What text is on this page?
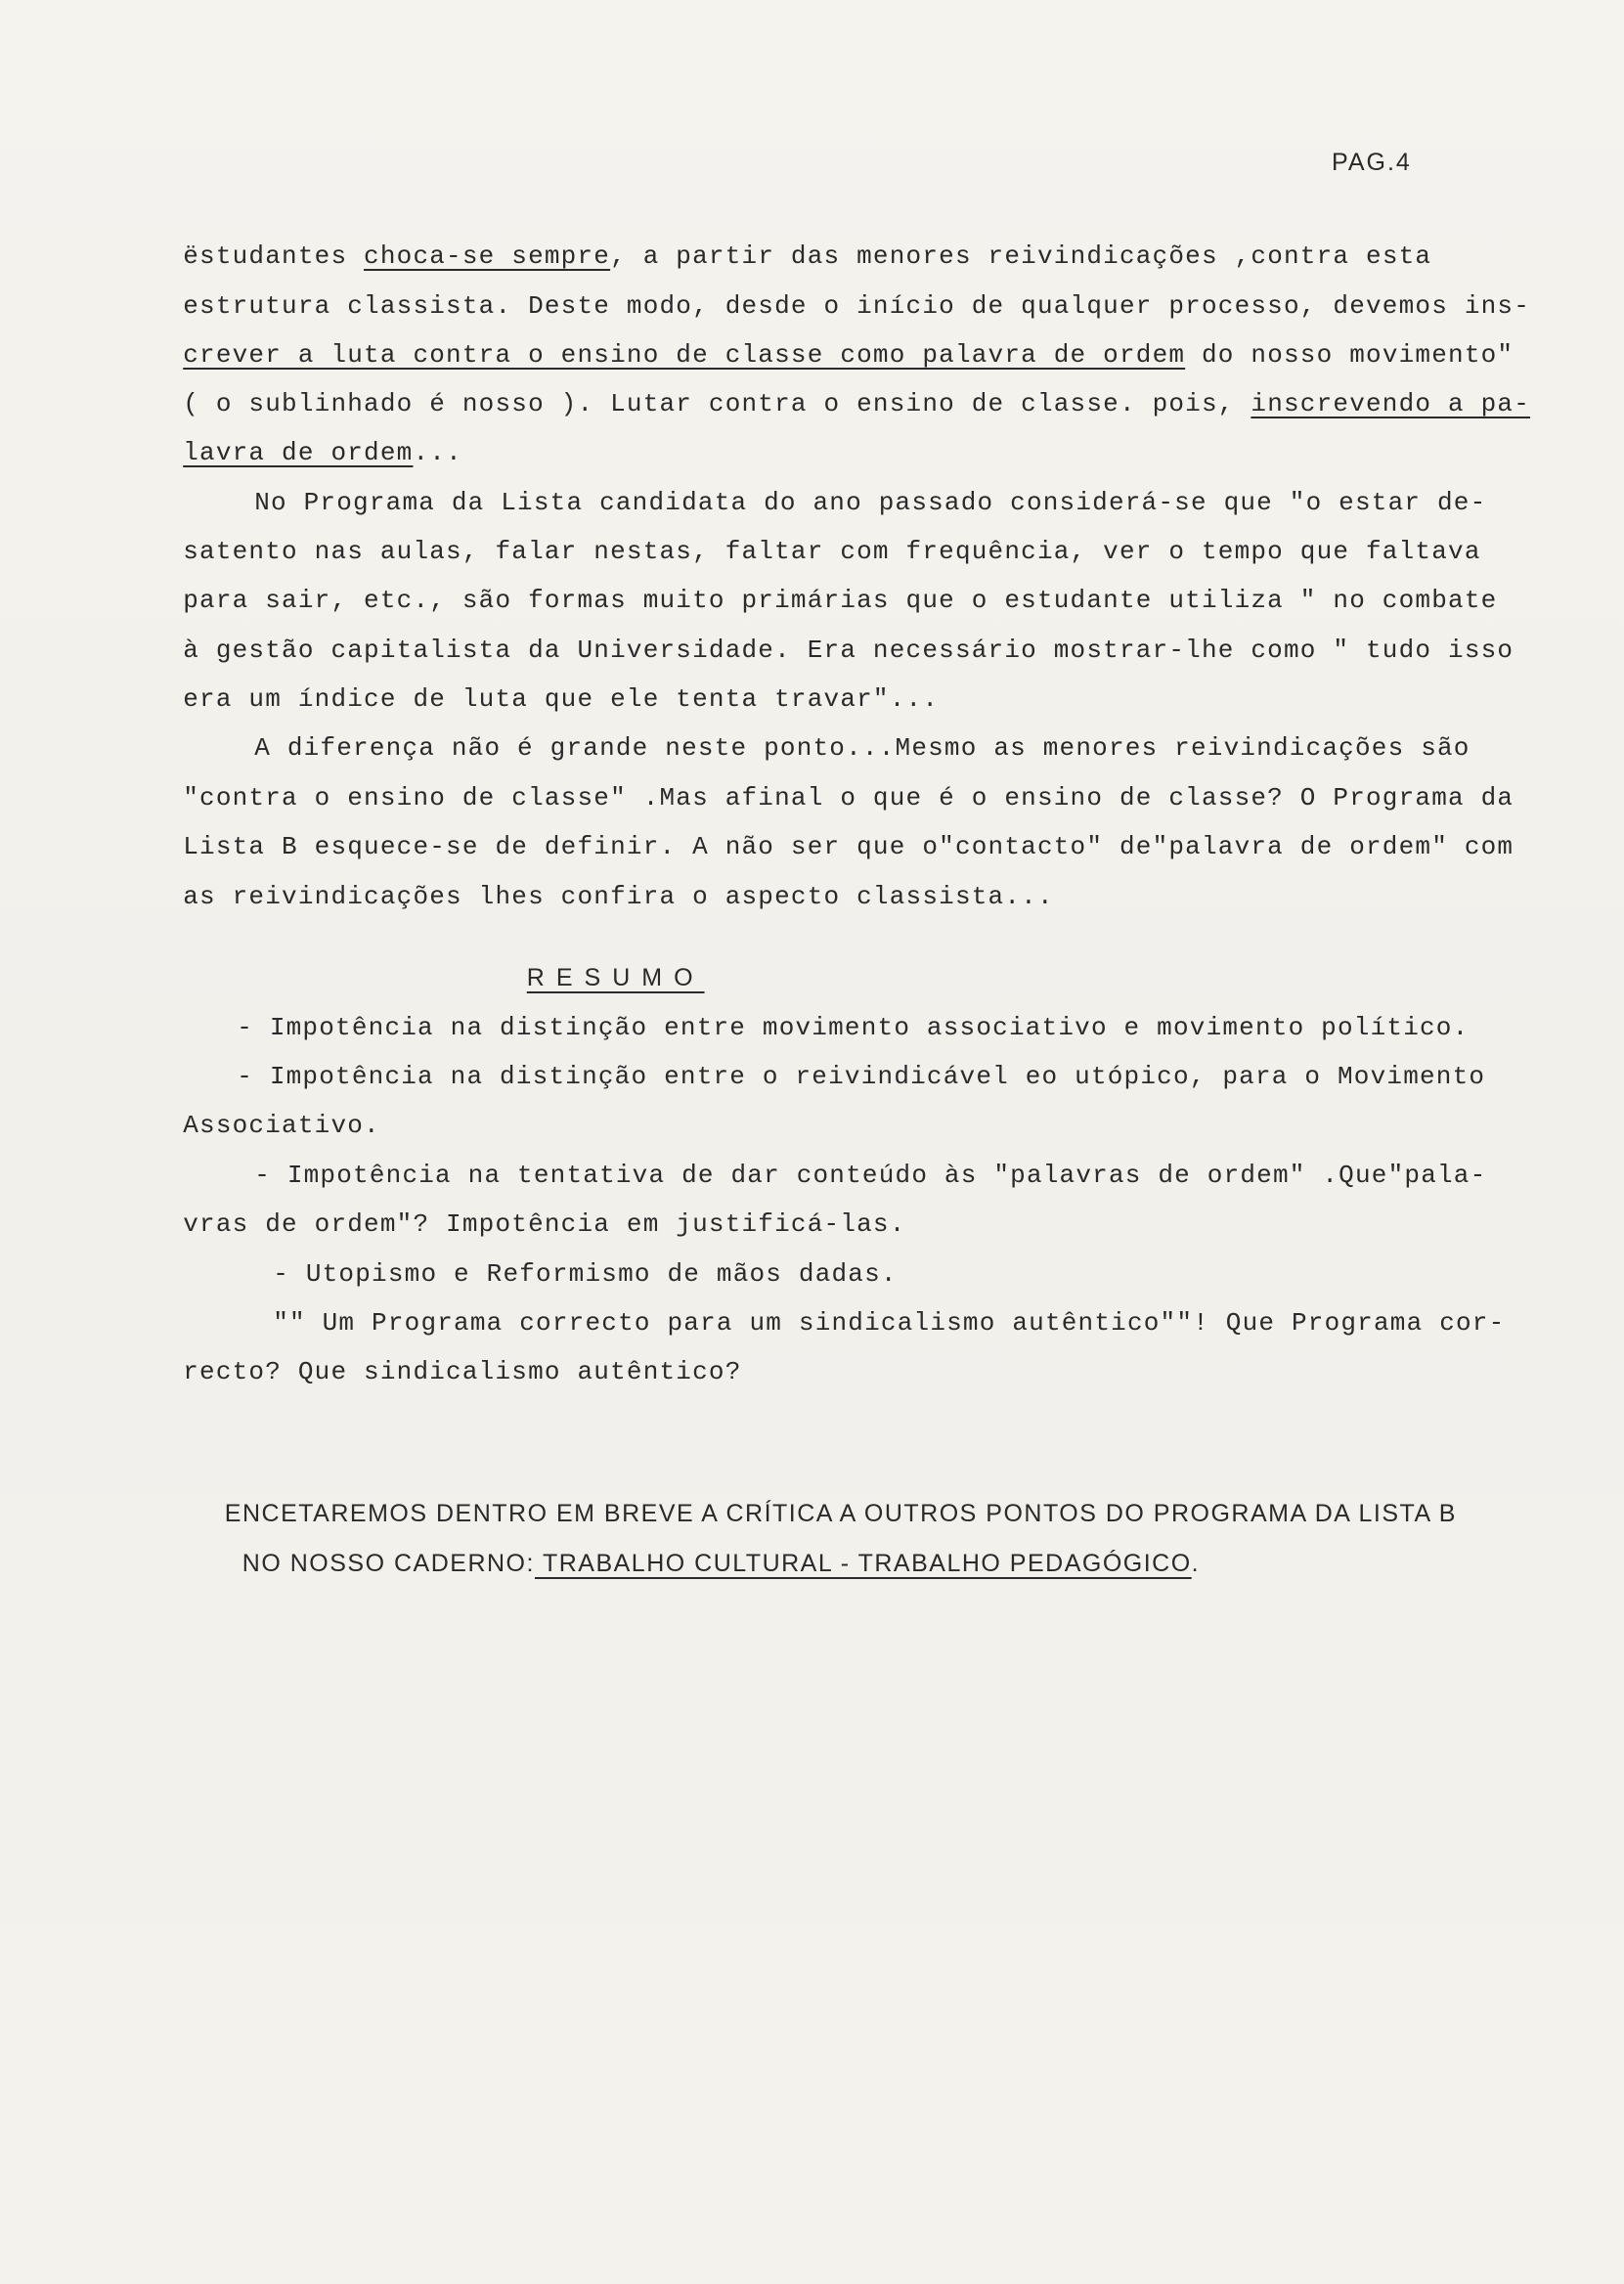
PAG.4

ëstudantes choca-se sempre, a partir das menores reivindicações ,contra esta

estrutura classista. Deste modo, desde o início de qualquer processo, devemos ins-

crever a luta contra o ensino de classe como palavra de ordem do nosso movimento"

( o sublinhado é nosso ). Lutar contra o ensino de classe. pois, inscrevendo a pa-

lavra de ordem...

No Programa da Lista candidata do ano passado considerá-se que "o estar de-

satento nas aulas, falar nestas, faltar com frequência, ver o tempo que faltava

para sair, etc., são formas muito primárias que o estudante utiliza " no combate

à gestão capitalista da Universidade. Era necessário mostrar-lhe como " tudo isso

era um índice de luta que ele tenta travar"...

A diferença não é grande neste ponto...Mesmo as menores reivindicações são

"contra o ensino de classe" .Mas afinal o que é o ensino de classe? O Programa da

Lista B esquece-se de definir. A não ser que o"contacto" de"palavra de ordem" com

as reivindicações lhes confira o aspecto classista...

RESUMO

- Impotência na distinção entre movimento associativo e movimento político.

- Impotência na distinção entre o reivindicável eo utópico, para o Movimento

Associativo.

- Impotência na tentativa de dar conteúdo às "palavras de ordem" .Que"pala-

vras de ordem"? Impotência em justificá-las.

- Utopismo e Reformismo de mãos dadas.

"" Um Programa correcto para um sindicalismo autêntico""! Que Programa cor-

recto? Que sindicalismo autêntico?

ENCETAREMOS DENTRO EM BREVE A CRÍTICA A OUTROS PONTOS DO PROGRAMA DA LISTA B

NO NOSSO CADERNO: TRABALHO CULTURAL - TRABALHO PEDAGÓGICO.
